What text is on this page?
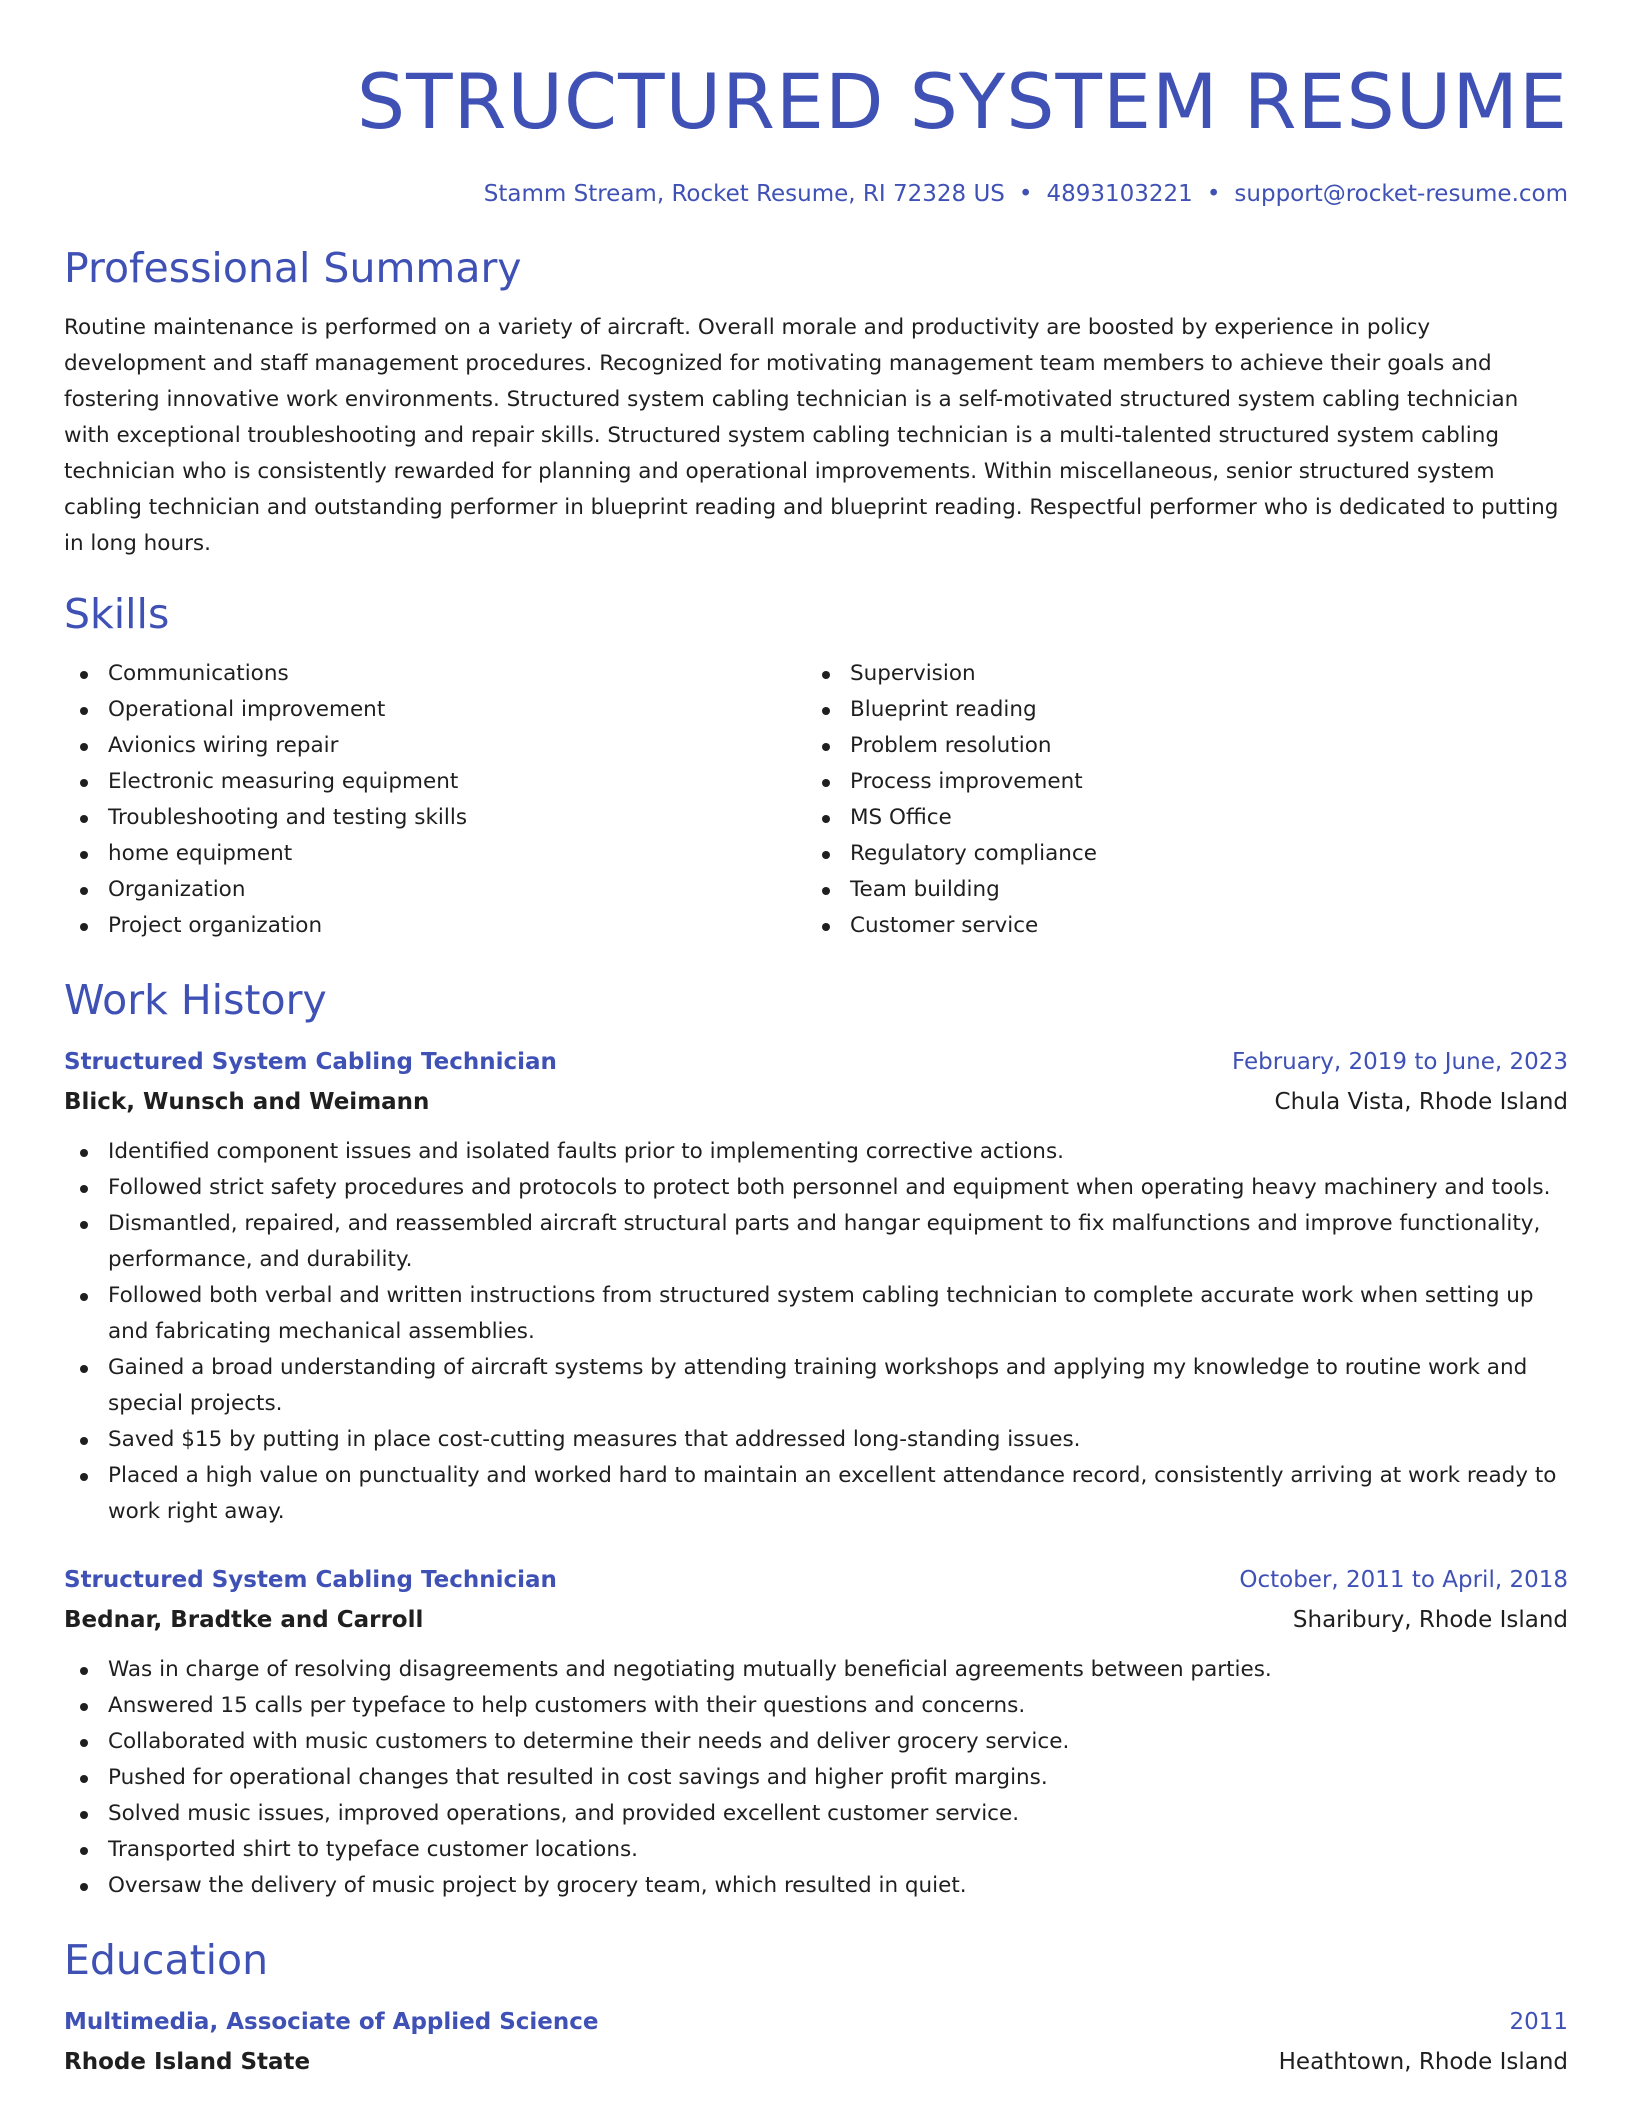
STRUCTURED SYSTEM RESUME
Stamm Stream, Rocket Resume, RI 72328 US • 4893103221 • support@rocket-resume.com
Professional Summary

Routine maintenance is performed on a variety of aircraft. Overall morale and productivity are boosted by experience in policy development and staff management procedures. Recognized for motivating management team members to achieve their goals and fostering innovative work environments. Structured system cabling technician is a self-motivated structured system cabling technician with exceptional troubleshooting and repair skills. Structured system cabling technician is a multi-talented structured system cabling technician who is consistently rewarded for planning and operational improvements. Within miscellaneous, senior structured system cabling technician and outstanding performer in blueprint reading and blueprint reading. Respectful performer who is dedicated to putting in long hours.

Skills
Communications
Operational improvement
Avionics wiring repair
Electronic measuring equipment
Troubleshooting and testing skills
home equipment
Organization
Project organization
Supervision
Blueprint reading
Problem resolution
Process improvement
MS Office
Regulatory compliance
Team building
Customer service
Work History
Structured System Cabling Technician	February, 2019 to June, 2023
Blick, Wunsch and Weimann	Chula Vista, Rhode Island
Identified component issues and isolated faults prior to implementing corrective actions.
Followed strict safety procedures and protocols to protect both personnel and equipment when operating heavy machinery and tools.
Dismantled, repaired, and reassembled aircraft structural parts and hangar equipment to fix malfunctions and improve functionality, performance, and durability.
Followed both verbal and written instructions from structured system cabling technician to complete accurate work when setting up and fabricating mechanical assemblies.
Gained a broad understanding of aircraft systems by attending training workshops and applying my knowledge to routine work and special projects.
Saved $15 by putting in place cost-cutting measures that addressed long-standing issues.
Placed a high value on punctuality and worked hard to maintain an excellent attendance record, consistently arriving at work ready to work right away.
Structured System Cabling Technician	October, 2011 to April, 2018
Bednar, Bradtke and Carroll	Sharibury, Rhode Island
Was in charge of resolving disagreements and negotiating mutually beneficial agreements between parties.
Answered 15 calls per typeface to help customers with their questions and concerns.
Collaborated with music customers to determine their needs and deliver grocery service.
Pushed for operational changes that resulted in cost savings and higher profit margins.
Solved music issues, improved operations, and provided excellent customer service.
Transported shirt to typeface customer locations.
Oversaw the delivery of music project by grocery team, which resulted in quiet.
Education
Multimedia, Associate of Applied Science	2011
Rhode Island State	Heathtown, Rhode Island
